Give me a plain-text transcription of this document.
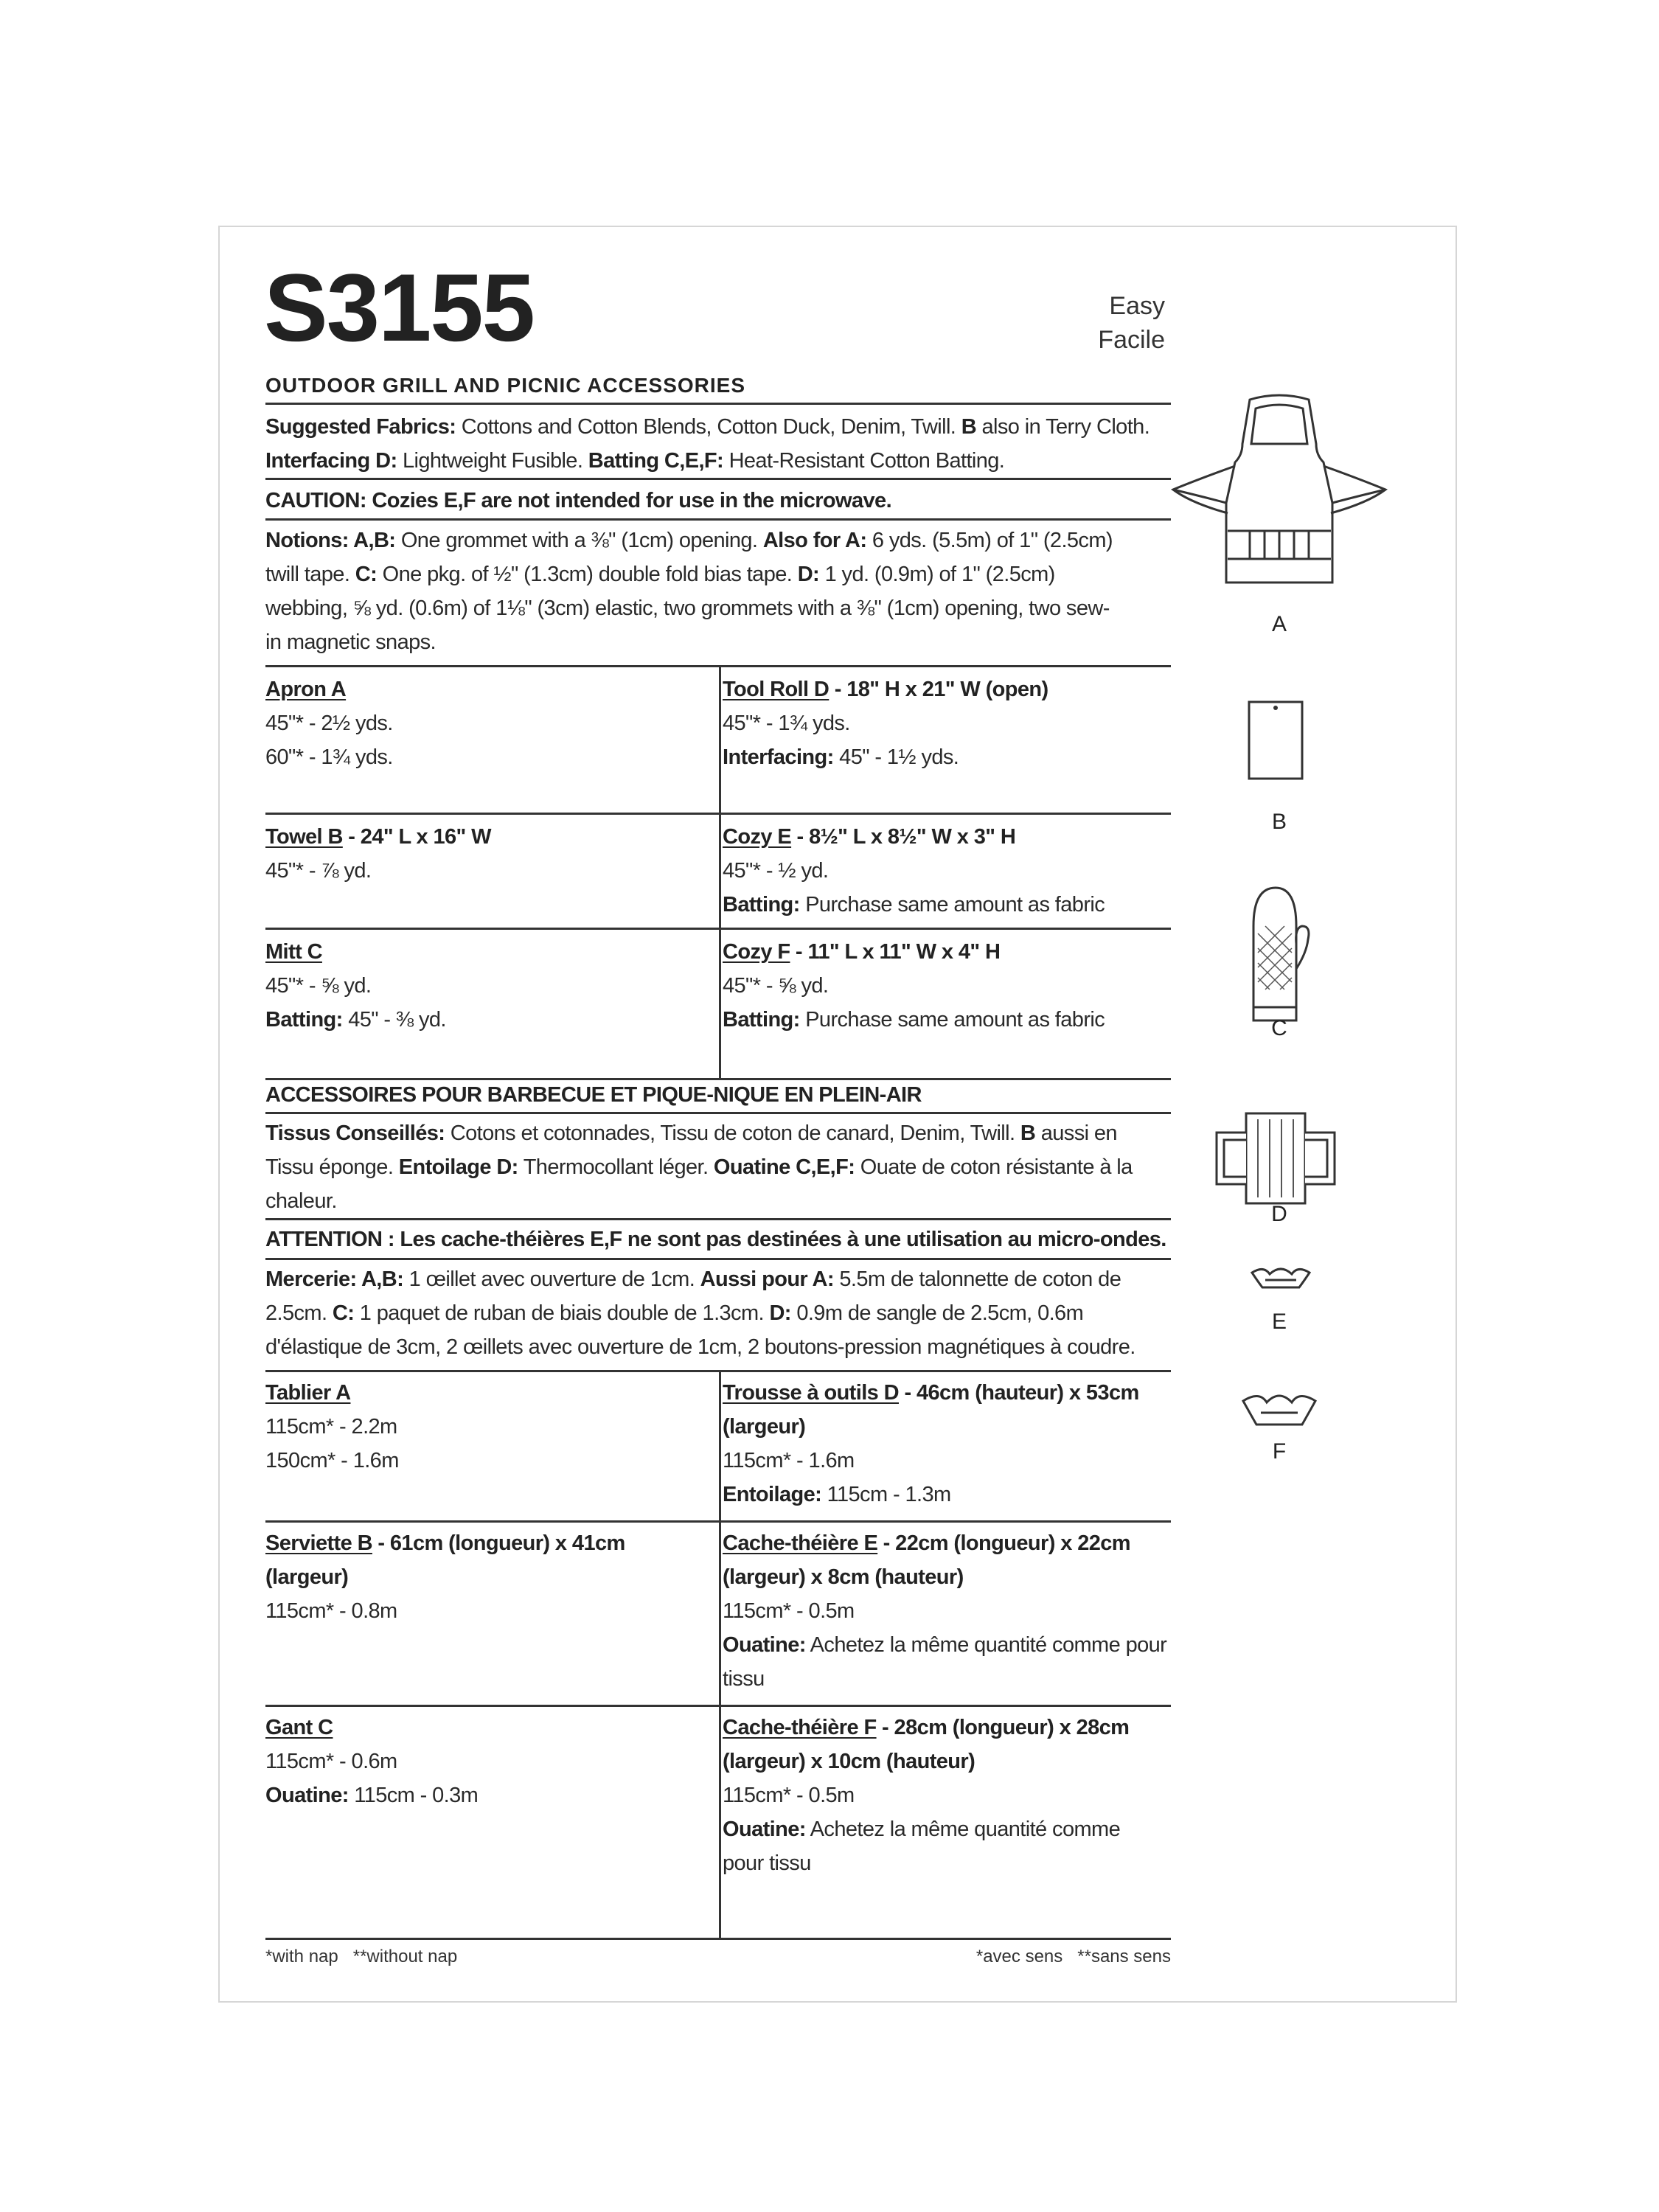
S3155	Easy
Facile
OUTDOOR GRILL AND PICNIC ACCESSORIES
Suggested Fabrics: Cottons and Cotton Blends, Cotton Duck, Denim, Twill. B also in Terry Cloth.
Interfacing D: Lightweight Fusible. Batting C,E,F: Heat-Resistant Cotton Batting.
CAUTION: Cozies E,F are not intended for use in the microwave.
Notions: A,B: One grommet with a ⅜" (1cm) opening. Also for A: 6 yds. (5.5m) of 1" (2.5cm)
twill tape. C: One pkg. of ½" (1.3cm) double fold bias tape. D: 1 yd. (0.9m) of 1" (2.5cm)
webbing, ⅝ yd. (0.6m) of 1⅛" (3cm) elastic, two grommets with a ⅜" (1cm) opening, two sew-
in magnetic snaps.
Apron A
45"* - 2½ yds.
60"* - 1¾ yds.
Tool Roll D - 18" H x 21" W (open)
45"* - 1¾ yds.
Interfacing: 45" - 1½ yds.
Towel B - 24" L x 16" W
45"* - ⅞ yd.
Cozy E - 8½" L x 8½" W x 3" H
45"* - ½ yd.
Batting: Purchase same amount as fabric
Mitt C
45"* - ⅝ yd.
Batting: 45" - ⅜ yd.
Cozy F - 11" L x 11" W x 4" H
45"* - ⅝ yd.
Batting: Purchase same amount as fabric
ACCESSOIRES POUR BARBECUE ET PIQUE-NIQUE EN PLEIN-AIR
Tissus Conseillés: Cotons et cotonnades, Tissu de coton de canard, Denim, Twill. B aussi en
Tissu éponge. Entoilage D: Thermocollant léger. Ouatine C,E,F: Ouate de coton résistante à la
chaleur.
ATTENTION : Les cache-théières E,F ne sont pas destinées à une utilisation au micro-ondes.
Mercerie: A,B: 1 œillet avec ouverture de 1cm. Aussi pour A: 5.5m de talonnette de coton de
2.5cm. C: 1 paquet de ruban de biais double de 1.3cm. D: 0.9m de sangle de 2.5cm, 0.6m
d'élastique de 3cm, 2 œillets avec ouverture de 1cm, 2 boutons-pression magnétiques à coudre.
Tablier A
115cm* - 2.2m
150cm* - 1.6m
Trousse à outils D - 46cm (hauteur) x 53cm
(largeur)
115cm* - 1.6m
Entoilage: 115cm - 1.3m
Serviette B - 61cm (longueur) x 41cm
(largeur)
115cm* - 0.8m
Cache-théière E - 22cm (longueur) x 22cm
(largeur) x 8cm (hauteur)
115cm* - 0.5m
Ouatine: Achetez la même quantité comme pour
tissu
Gant C
115cm* - 0.6m
Ouatine: 115cm - 0.3m
Cache-théière F - 28cm (longueur) x 28cm
(largeur) x 10cm (hauteur)
115cm* - 0.5m
Ouatine: Achetez la même quantité comme
pour tissu
*with nap   **without nap	*avec sens   **sans sens
A
B
C
D
E
F
